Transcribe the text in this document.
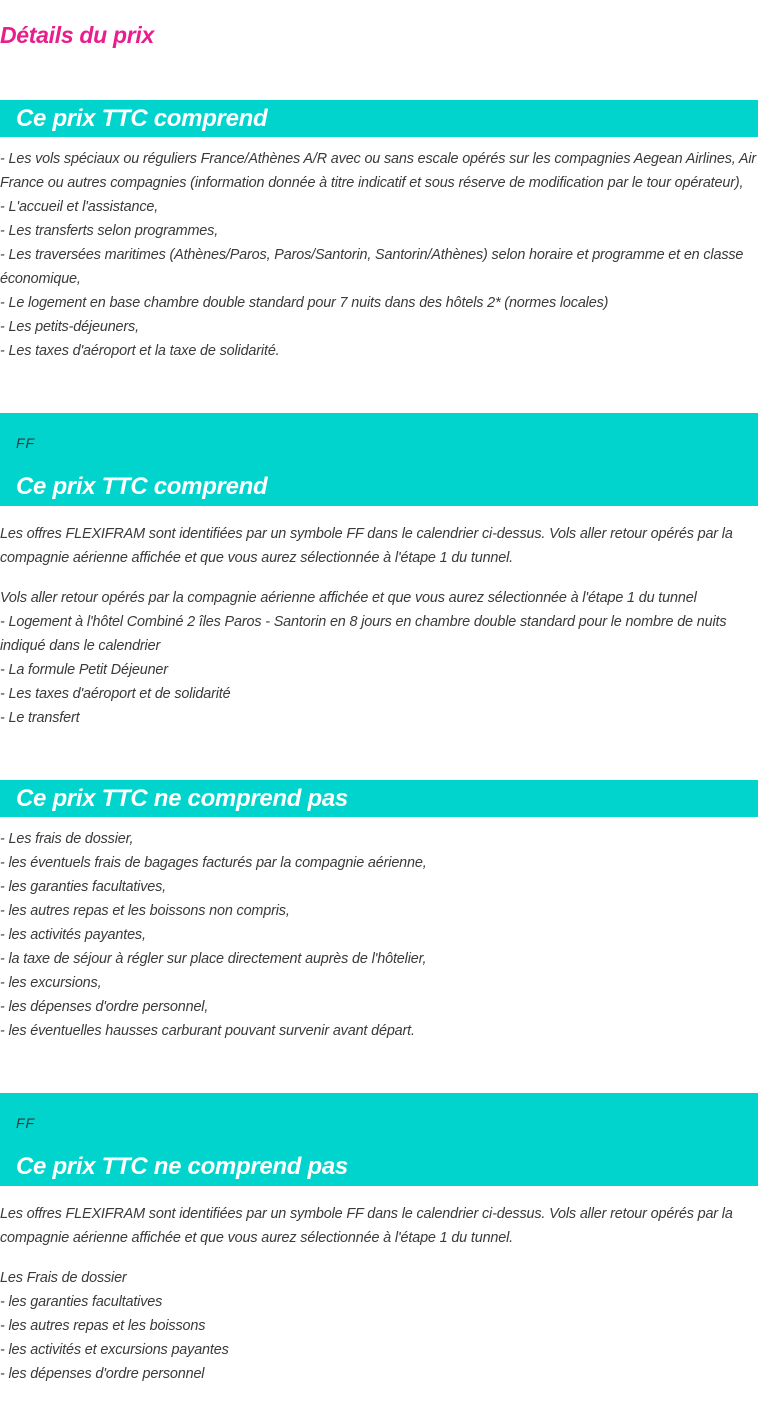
Détails du prix
Ce prix TTC comprend
- Les vols spéciaux ou réguliers France/Athènes A/R avec ou sans escale opérés sur les compagnies Aegean Airlines, Air
France ou autres compagnies (information donnée à titre indicatif et sous réserve de modification par le tour opérateur),
- L'accueil et l'assistance,
- Les transferts selon programmes,
- Les traversées maritimes (Athènes/Paros, Paros/Santorin, Santorin/Athènes) selon horaire et programme et en classe
économique,
- Le logement en base chambre double standard pour 7 nuits dans des hôtels 2* (normes locales)
- Les petits-déjeuners,
- Les taxes d'aéroport et la taxe de solidarité.
FF
Ce prix TTC comprend

Les offres FLEXIFRAM sont identifiées par un symbole FF dans le calendrier ci-dessus. Vols aller retour opérés par la
compagnie aérienne affichée et que vous aurez sélectionnée à l'étape 1 du tunnel.

Vols aller retour opérés par la compagnie aérienne affichée et que vous aurez sélectionnée à l'étape 1 du tunnel
- Logement à l'hôtel Combiné 2 îles Paros - Santorin en 8 jours en chambre double standard pour le nombre de nuits
indiqué dans le calendrier
- La formule Petit Déjeuner
- Les taxes d'aéroport et de solidarité
- Le transfert

Ce prix TTC ne comprend pas
- Les frais de dossier,
- les éventuels frais de bagages facturés par la compagnie aérienne,
- les garanties facultatives,
- les autres repas et les boissons non compris,
- les activités payantes,
- la taxe de séjour à régler sur place directement auprès de l'hôtelier,
- les excursions,
- les dépenses d'ordre personnel,
- les éventuelles hausses carburant pouvant survenir avant départ.
FF
Ce prix TTC ne comprend pas

Les offres FLEXIFRAM sont identifiées par un symbole FF dans le calendrier ci-dessus. Vols aller retour opérés par la
compagnie aérienne affichée et que vous aurez sélectionnée à l'étape 1 du tunnel.

Les Frais de dossier
- les garanties facultatives
- les autres repas et les boissons
- les activités et excursions payantes
- les dépenses d'ordre personnel
